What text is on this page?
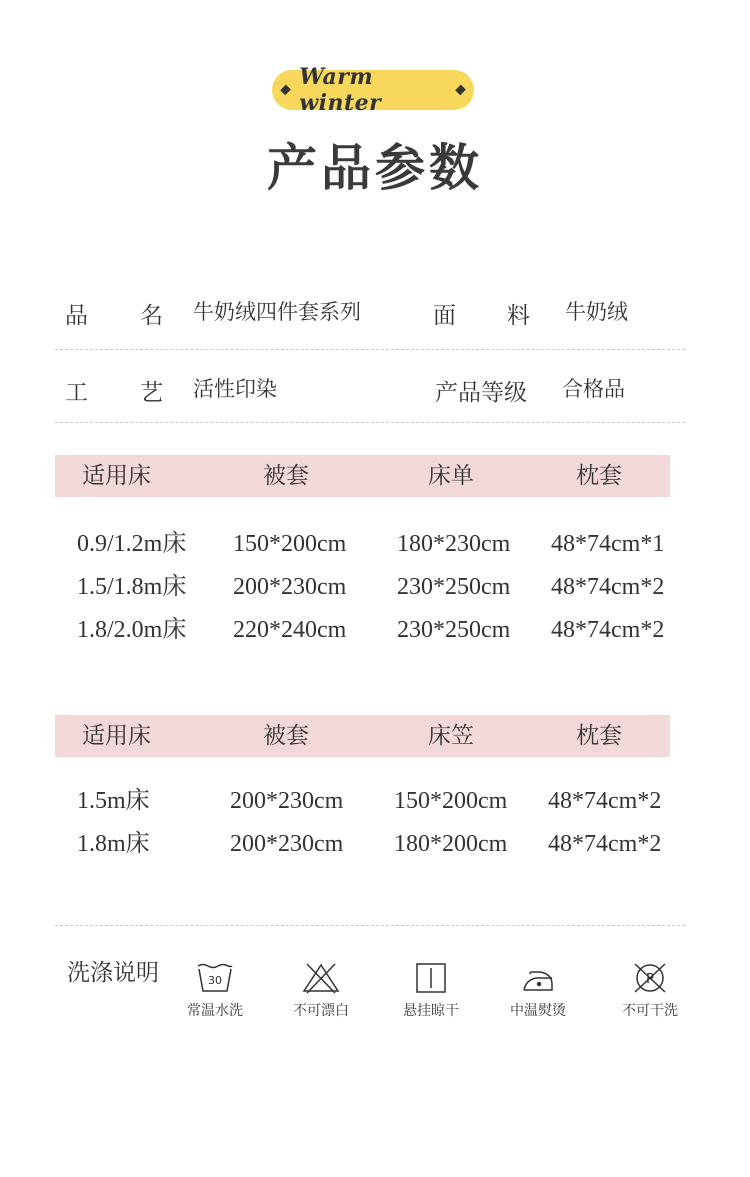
Warm winter
产品参数
品 名 牛奶绒四件套系列	面 料 牛奶绒
工 艺 活性印染	产品等级 合格品
适用床	被套	床单	枕套
0.9/1.2m床 150*200cm 180*230cm 48*74cm*1
1.5/1.8m床 200*230cm 230*250cm 48*74cm*2
1.8/2.0m床 220*240cm 230*250cm 48*74cm*2
适用床	被套	床笠	枕套
1.5m床	200*230cm 150*200cm 48*74cm*2
1.8m床	200*230cm 180*200cm 48*74cm*2
洗涤说明	30
常温水洗	不可漂白	悬挂晾干	中温熨烫
P
不可干洗
